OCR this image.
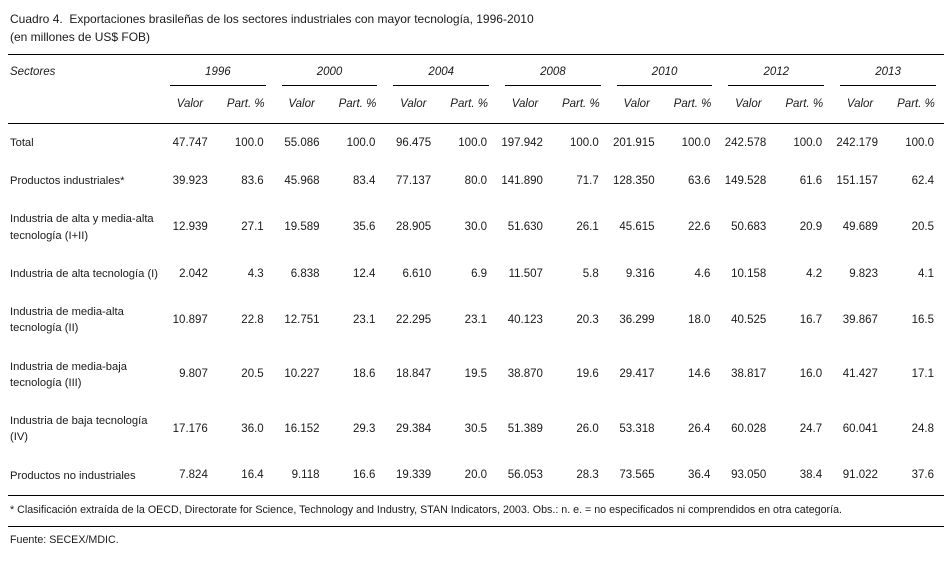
Cuadro 4.  Exportaciones brasileñas de los sectores industriales con mayor tecnología, 1996-2010
(en millones de US$ FOB)
Sectores	1996		2000		2004		2008		2010		2012		2013	

	Valor	Part. %	Valor	Part. %	Valor	Part. %	Valor	Part. %	Valor	Part. %	Valor	Part. %	Valor	Part. %
Total	47.747	100.0	55.086	100.0	96.475	100.0	197.942	100.0	201.915	100.0	242.578	100.0	242.179	100.0
Productos industriales*	39.923	83.6	45.968	83.4	77.137	80.0	141.890	71.7	128.350	63.6	149.528	61.6	151.157	62.4
Industria de alta y media-alta tecnología (I+II)	12.939	27.1	19.589	35.6	28.905	30.0	51.630	26.1	45.615	22.6	50.683	20.9	49.689	20.5
Industria de alta tecnología (I)	2.042	4.3	6.838	12.4	6.610	6.9	11.507	5.8	9.316	4.6	10.158	4.2	9.823	4.1
Industria de media-alta tecnología (II)	10.897	22.8	12.751	23.1	22.295	23.1	40.123	20.3	36.299	18.0	40.525	16.7	39.867	16.5
Industria de media-baja tecnología (III)	9.807	20.5	10.227	18.6	18.847	19.5	38.870	19.6	29.417	14.6	38.817	16.0	41.427	17.1
Industria de baja tecnología (IV)	17.176	36.0	16.152	29.3	29.384	30.5	51.389	26.0	53.318	26.4	60.028	24.7	60.041	24.8
Productos no industriales	7.824	16.4	9.118	16.6	19.339	20.0	56.053	28.3	73.565	36.4	93.050	38.4	91.022	37.6
* Clasificación extraída de la OECD, Directorate for Science, Technology and Industry, STAN Indicators, 2003. Obs.: n. e. = no especificados ni comprendidos en otra categoría.
Fuente: SECEX/MDIC.
